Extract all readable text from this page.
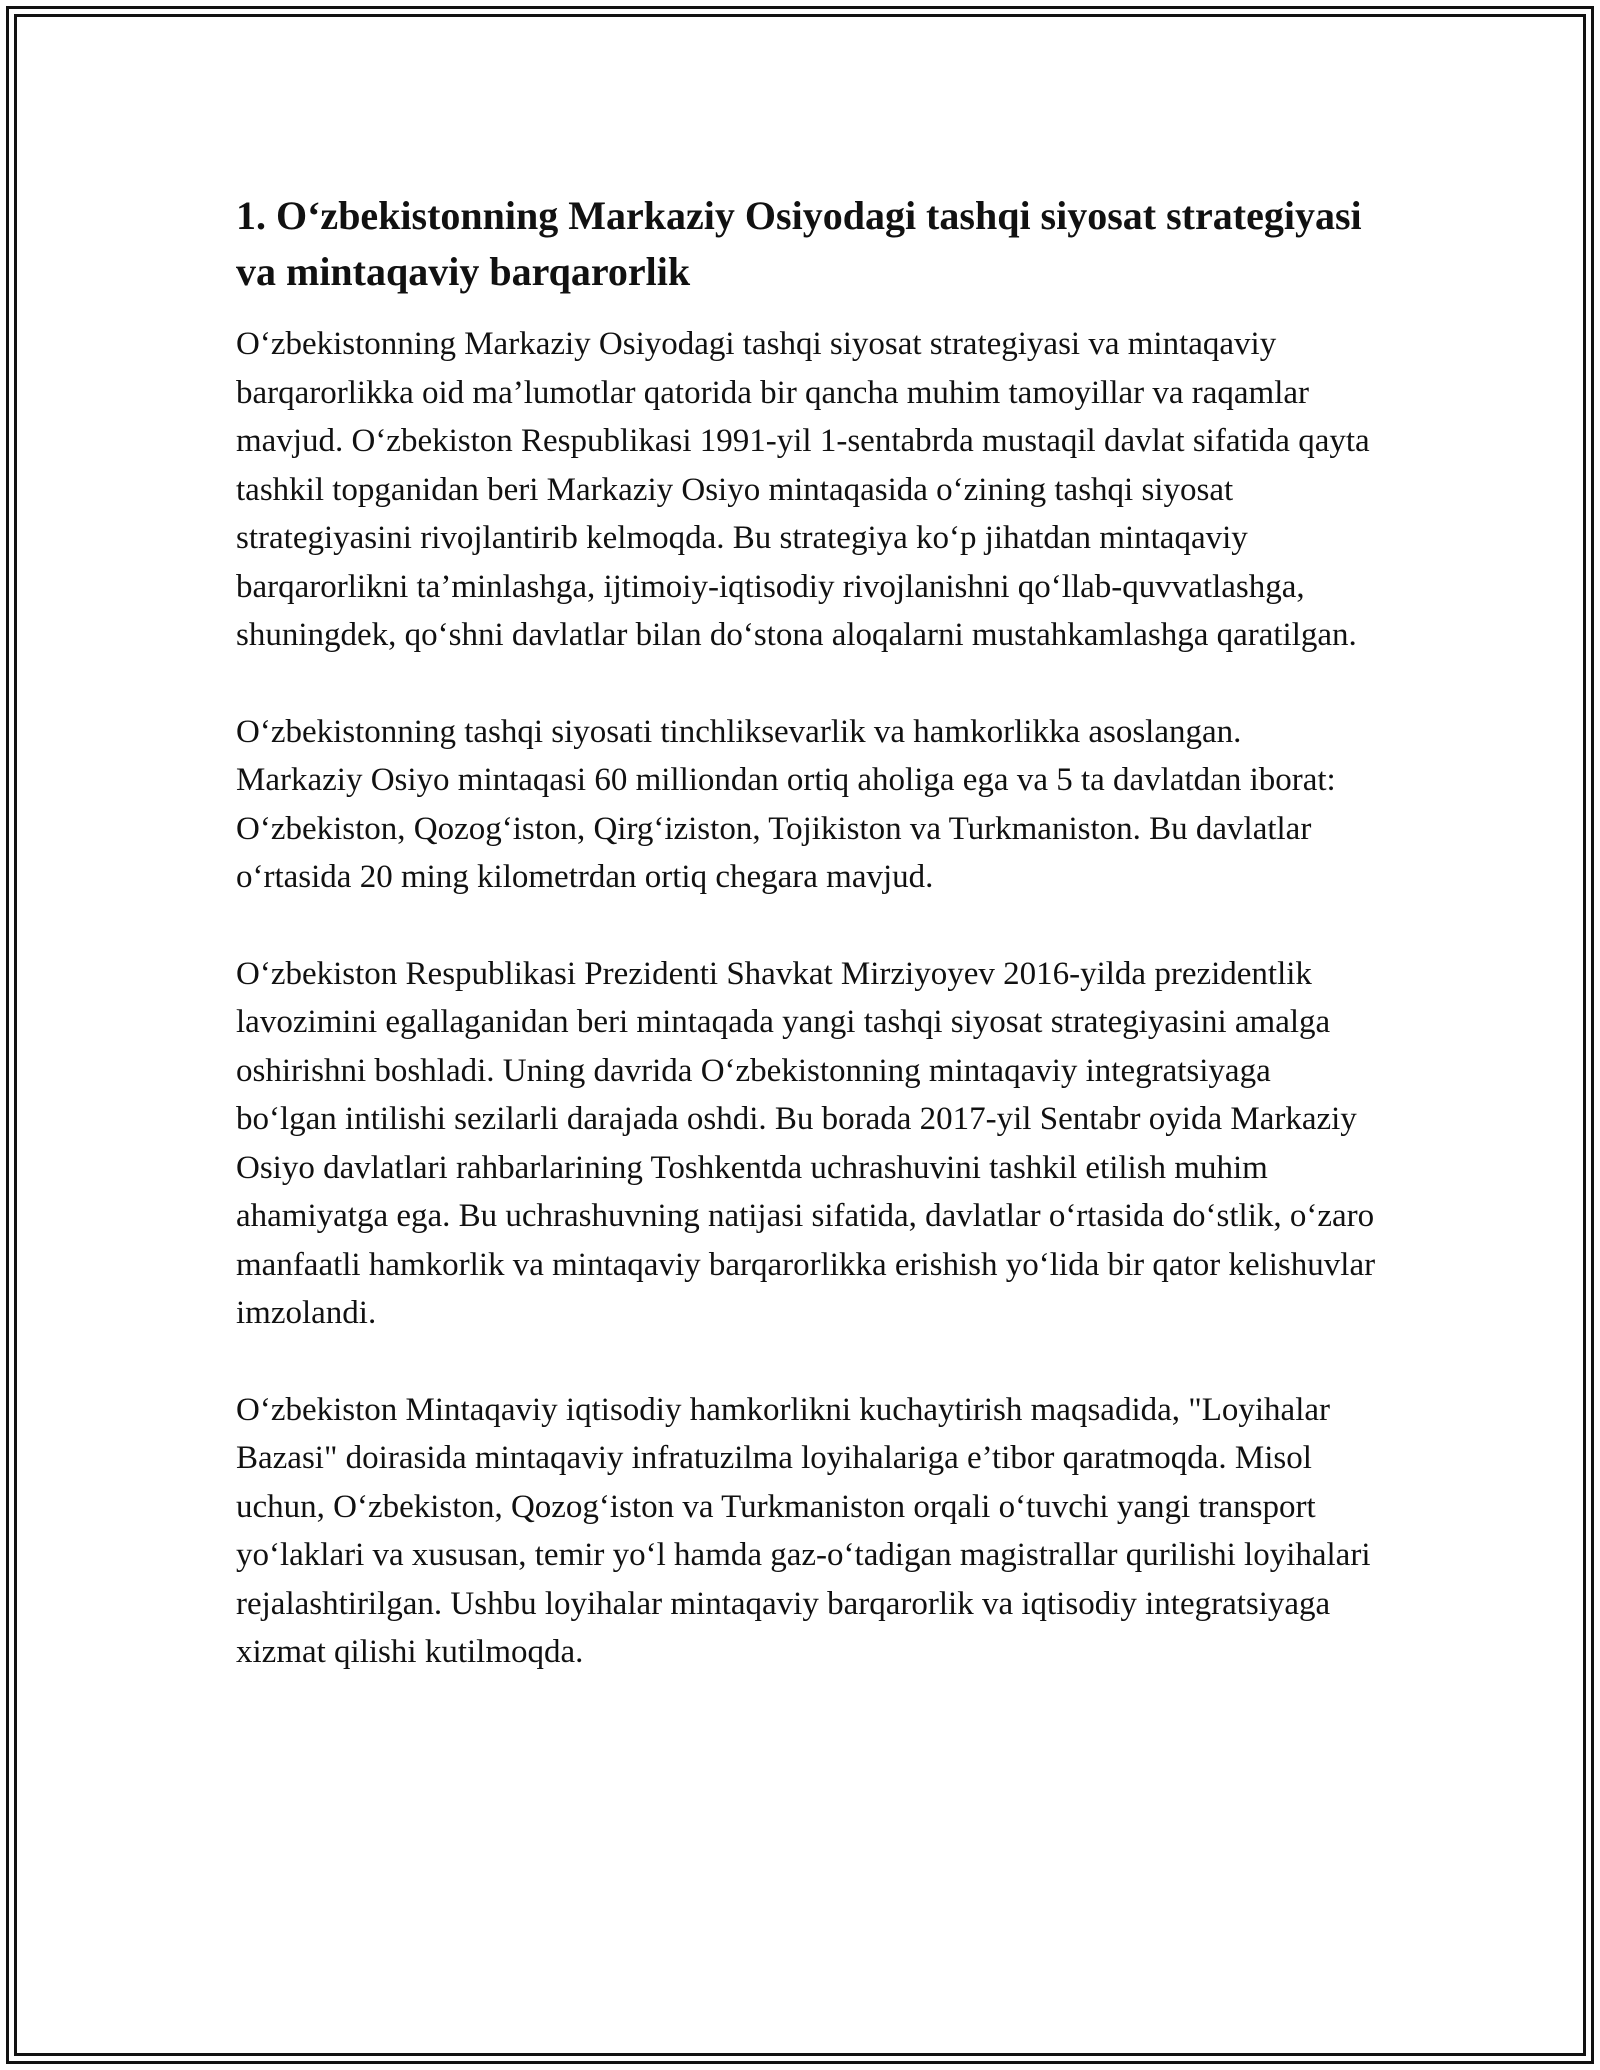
1. O‘zbekistonning Markaziy Osiyodagi tashqi siyosat strategiyasi va mintaqaviy barqarorlik

O‘zbekistonning Markaziy Osiyodagi tashqi siyosat strategiyasi va mintaqaviy barqarorlikka oid ma’lumotlar qatorida bir qancha muhim tamoyillar va raqamlar mavjud. O‘zbekiston Respublikasi 1991-yil 1-sentabrda mustaqil davlat sifatida qayta tashkil topganidan beri Markaziy Osiyo mintaqasida o‘zining tashqi siyosat strategiyasini rivojlantirib kelmoqda. Bu strategiya ko‘p jihatdan mintaqaviy barqarorlikni ta’minlashga, ijtimoiy-iqtisodiy rivojlanishni qo‘llab-quvvatlashga, shuningdek, qo‘shni davlatlar bilan do‘stona aloqalarni mustahkamlashga qaratilgan.

O‘zbekistonning tashqi siyosati tinchliksevarlik va hamkorlikka asoslangan. Markaziy Osiyo mintaqasi 60 milliondan ortiq aholiga ega va 5 ta davlatdan iborat: O‘zbekiston, Qozog‘iston, Qirg‘iziston, Tojikiston va Turkmaniston. Bu davlatlar o‘rtasida 20 ming kilometrdan ortiq chegara mavjud.

O‘zbekiston Respublikasi Prezidenti Shavkat Mirziyoyev 2016-yilda prezidentlik lavozimini egallaganidan beri mintaqada yangi tashqi siyosat strategiyasini amalga oshirishni boshladi. Uning davrida O‘zbekistonning mintaqaviy integratsiyaga bo‘lgan intilishi sezilarli darajada oshdi. Bu borada 2017-yil Sentabr oyida Markaziy Osiyo davlatlari rahbarlarining Toshkentda uchrashuvini tashkil etilish muhim ahamiyatga ega. Bu uchrashuvning natijasi sifatida, davlatlar o‘rtasida do‘stlik, o‘zaro manfaatli hamkorlik va mintaqaviy barqarorlikka erishish yo‘lida bir qator kelishuvlar imzolandi.

O‘zbekiston Mintaqaviy iqtisodiy hamkorlikni kuchaytirish maqsadida, "Loyihalar Bazasi" doirasida mintaqaviy infratuzilma loyihalariga e’tibor qaratmoqda. Misol uchun, O‘zbekiston, Qozog‘iston va Turkmaniston orqali o‘tuvchi yangi transport yo‘laklari va xususan, temir yo‘l hamda gaz-o‘tadigan magistrallar qurilishi loyihalari rejalashtirilgan. Ushbu loyihalar mintaqaviy barqarorlik va iqtisodiy integratsiyaga xizmat qilishi kutilmoqda.
